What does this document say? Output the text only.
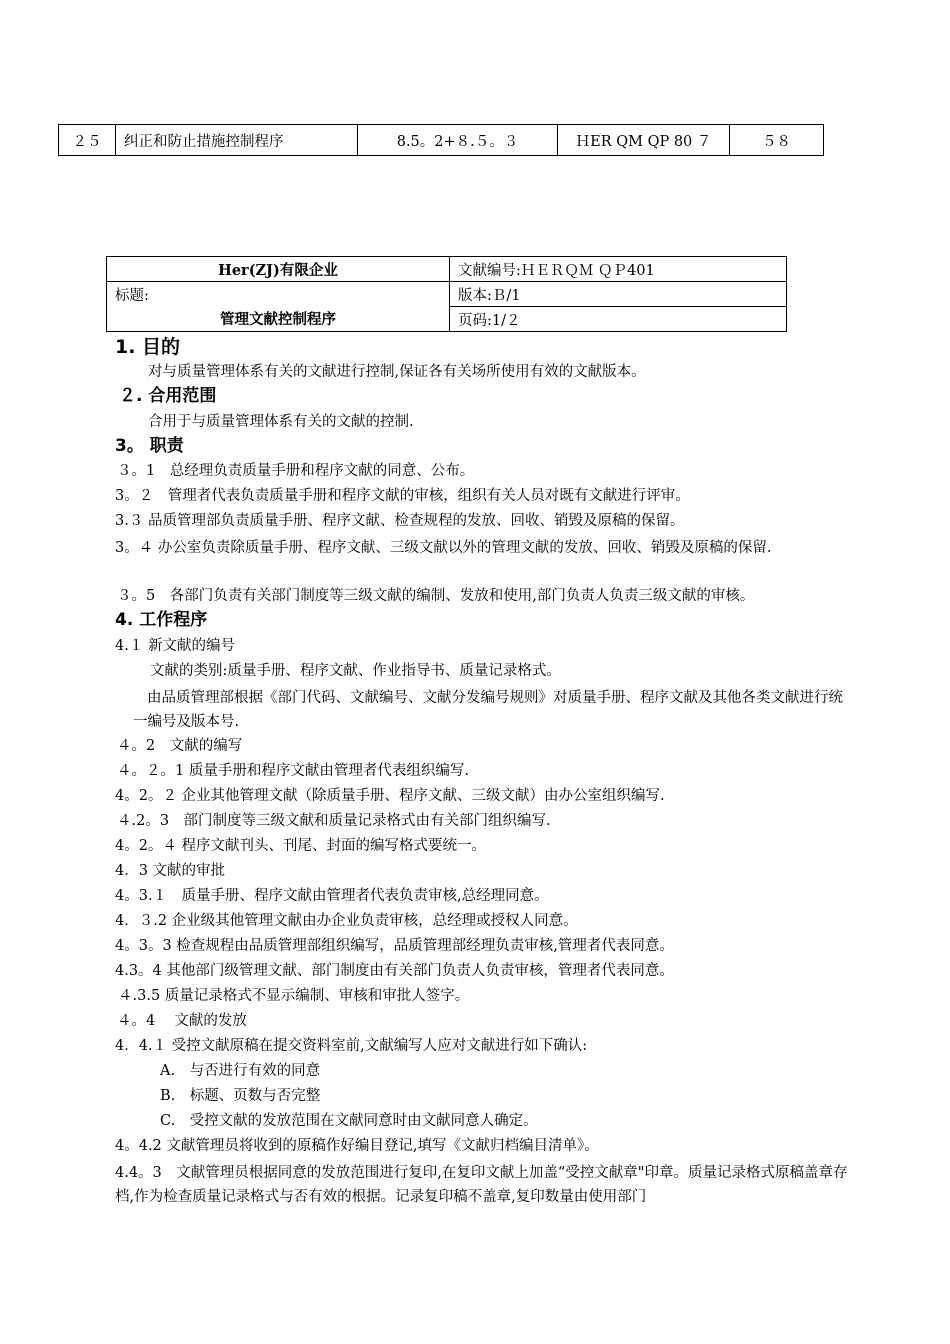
２５	纠正和防止措施控制程序	8.5。2+８.５。３	ＨER QM QP 80 ７	５８
Her(ZJ)有限企业	文献编号:ＨＥＲＱＭ ＱＰ401
标题:	版本:Ｂ/1
管理文献控制程序	页码:1/２
1. 目的
对与质量管理体系有关的文献进行控制,保证各有关场所使用有效的文献版本。
２. 合用范围
合用于与质量管理体系有关的文献的控制.
3。 职责
３。1　总经理负责质量手册和程序文献的同意、公布。
3。２　管理者代表负责质量手册和程序文献的审核，组织有关人员对既有文献进行评审。
3.３ 品质管理部负责质量手册、程序文献、检查规程的发放、回收、销毁及原稿的保留。
3。４ 办公室负责除质量手册、程序文献、三级文献以外的管理文献的发放、回收、销毁及原稿的保留.
３。5　各部门负责有关部门制度等三级文献的编制、发放和使用,部门负责人负责三级文献的审核。
4. 工作程序
4.１ 新文献的编号
文献的类别:质量手册、程序文献、作业指导书、质量记录格式。
由品质管理部根据《部门代码、文献编号、文献分发编号规则》对质量手册、程序文献及其他各类文献进行统一编号及版本号.
４。2　文献的编写
４。２。1 质量手册和程序文献由管理者代表组织编写.
4。2。２ 企业其他管理文献（除质量手册、程序文献、三级文献）由办公室组织编写.
４.2。3　部门制度等三级文献和质量记录格式由有关部门组织编写.
4。2。４ 程序文献刊头、刊尾、封面的编写格式要统一。
4．3 文献的审批
4。3.１　质量手册、程序文献由管理者代表负责审核,总经理同意。
4．３.2 企业级其他管理文献由办企业负责审核，总经理或授权人同意。
4。3。3 检查规程由品质管理部组织编写，品质管理部经理负责审核,管理者代表同意。
4.3。4 其他部门级管理文献、部门制度由有关部门负责人负责审核，管理者代表同意。
４.3.5 质量记录格式不显示编制、审核和审批人签字。
４。4　 文献的发放
4．4.１ 受控文献原稿在提交资料室前,文献编写人应对文献进行如下确认:
A.　与否进行有效的同意
B.　标题、页数与否完整
C.　受控文献的发放范围在文献同意时由文献同意人确定。
4。4.2 文献管理员将收到的原稿作好编目登记,填写《文献归档编目清单》。
4.4。3　文献管理员根据同意的发放范围进行复印,在复印文献上加盖“受控文献章"印章。质量记录格式原稿盖章存档,作为检查质量记录格式与否有效的根据。记录复印稿不盖章,复印数量由使用部门
